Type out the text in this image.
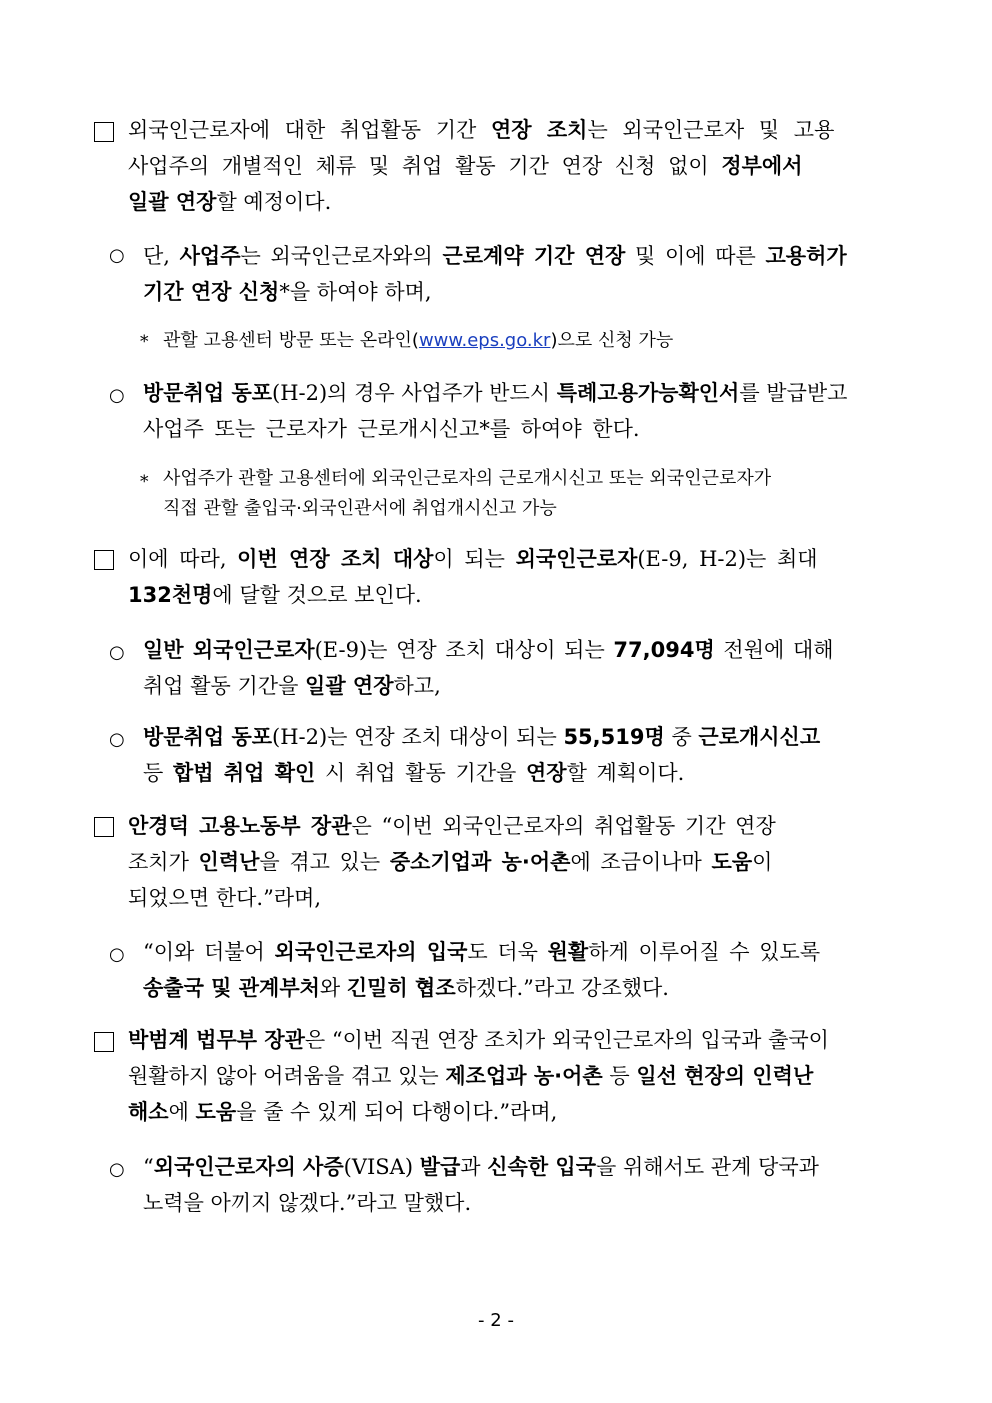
외국인근로자에 대한 취업활동 기간 연장 조치는 외국인근로자 및 고용
사업주의 개별적인 체류 및 취업 활동 기간 연장 신청 없이 정부에서
일괄 연장할 예정이다.
○ 단, 사업주는 외국인근로자와의 근로계약 기간 연장 및 이에 따른 고용허가
기간 연장 신청*을 하여야 하며,
* 관할 고용센터 방문 또는 온라인(www.eps.go.kr)으로 신청 가능
○ 방문취업 동포(H-2)의 경우 사업주가 반드시 특례고용가능확인서를 발급받고
사업주 또는 근로자가 근로개시신고*를 하여야 한다.
* 사업주가 관할 고용센터에 외국인근로자의 근로개시신고 또는 외국인근로자가
직접 관할 출입국·외국인관서에 취업개시신고 가능
이에 따라, 이번 연장 조치 대상이 되는 외국인근로자(E-9, H-2)는 최대
132천명에 달할 것으로 보인다.
○ 일반 외국인근로자(E-9)는 연장 조치 대상이 되는 77,094명 전원에 대해
취업 활동 기간을 일괄 연장하고,
○ 방문취업 동포(H-2)는 연장 조치 대상이 되는 55,519명 중 근로개시신고
등 합법 취업 확인 시 취업 활동 기간을 연장할 계획이다.
안경덕 고용노동부 장관은 “이번 외국인근로자의 취업활동 기간 연장
조치가 인력난을 겪고 있는 중소기업과 농·어촌에 조금이나마 도움이
되었으면 한다.”라며,
○ “이와 더불어 외국인근로자의 입국도 더욱 원활하게 이루어질 수 있도록
송출국 및 관계부처와 긴밀히 협조하겠다.”라고 강조했다.
박범계 법무부 장관은 “이번 직권 연장 조치가 외국인근로자의 입국과 출국이
원활하지 않아 어려움을 겪고 있는 제조업과 농·어촌 등 일선 현장의 인력난
해소에 도움을 줄 수 있게 되어 다행이다.”라며,
○ “외국인근로자의 사증(VISA) 발급과 신속한 입국을 위해서도 관계 당국과
노력을 아끼지 않겠다.”라고 말했다.
- 2 -
